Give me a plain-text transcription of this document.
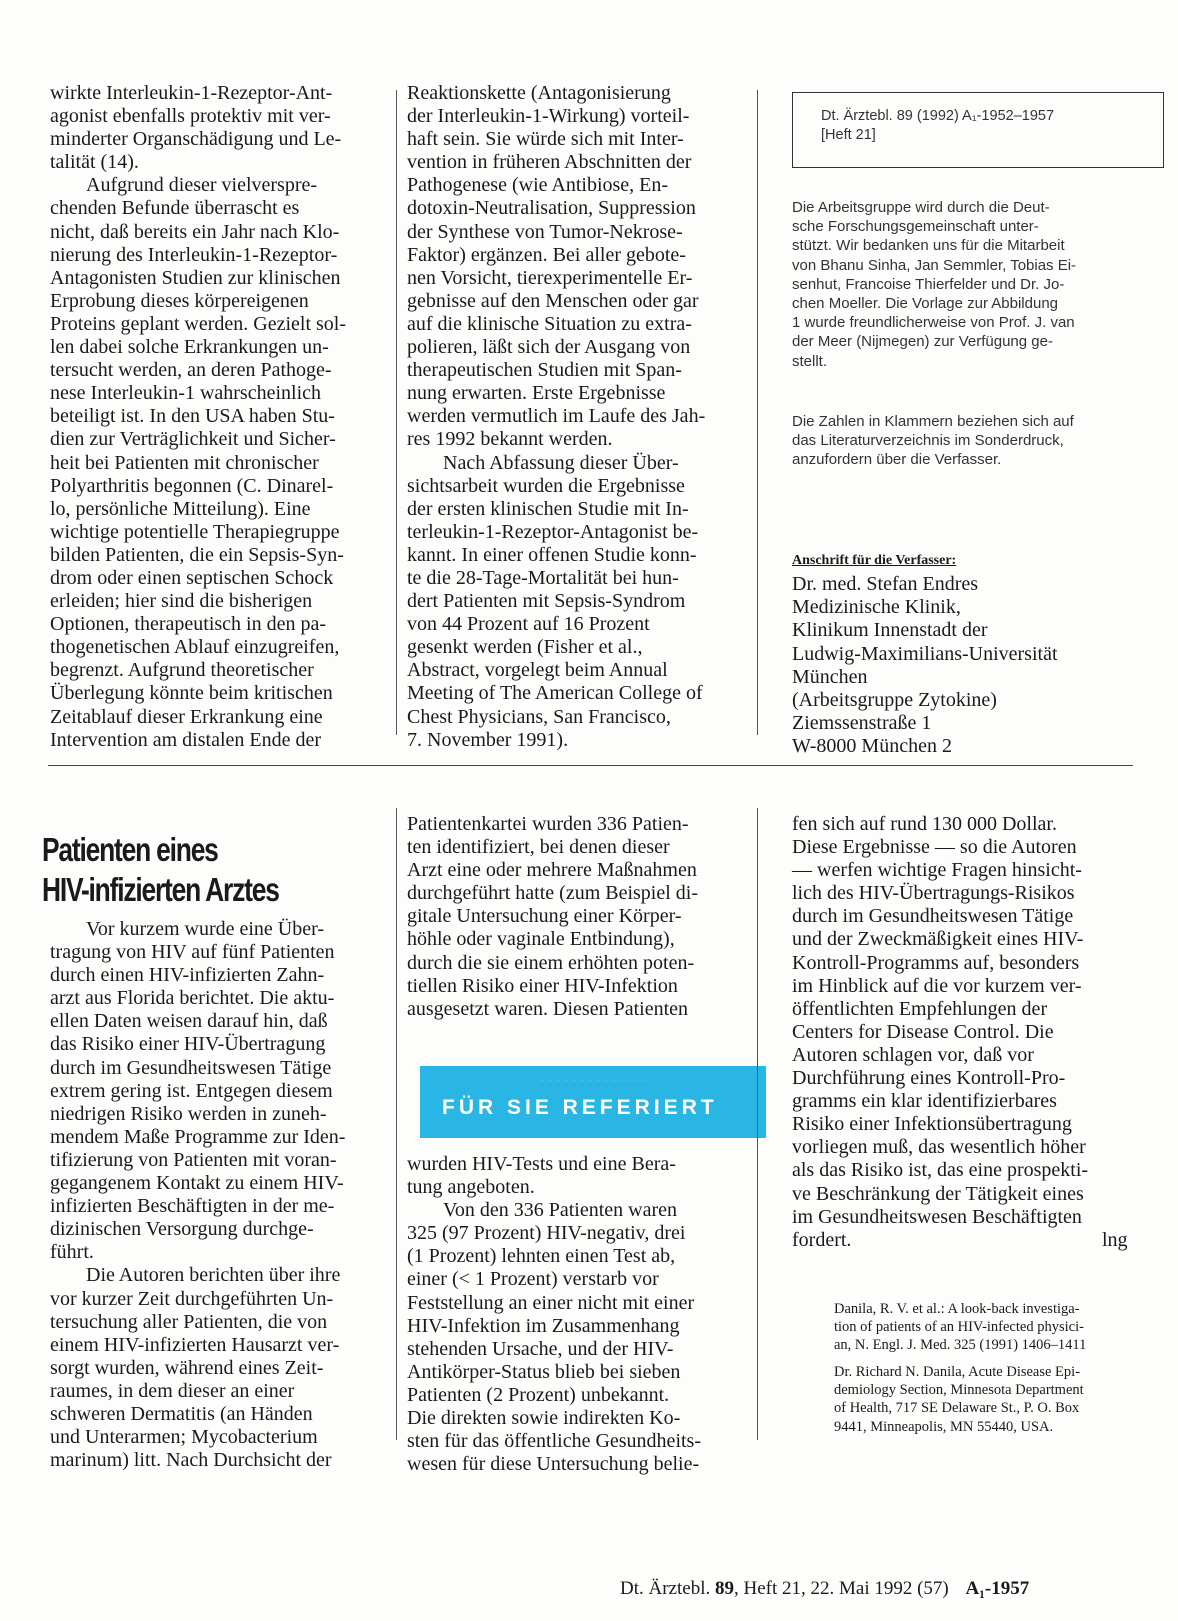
wirkte Interleukin-1-Rezeptor-Ant-
agonist ebenfalls protektiv mit ver-
minderter Organschädigung und Le-
talität (14).
Aufgrund dieser vielverspre-
chenden Befunde überrascht es
nicht, daß bereits ein Jahr nach Klo-
nierung des Interleukin-1-Rezeptor-
Antagonisten Studien zur klinischen
Erprobung dieses körpereigenen
Proteins geplant werden. Gezielt sol-
len dabei solche Erkrankungen un-
tersucht werden, an deren Pathoge-
nese Interleukin-1 wahrscheinlich
beteiligt ist. In den USA haben Stu-
dien zur Verträglichkeit und Sicher-
heit bei Patienten mit chronischer
Polyarthritis begonnen (C. Dinarel-
lo, persönliche Mitteilung). Eine
wichtige potentielle Therapiegruppe
bilden Patienten, die ein Sepsis-Syn-
drom oder einen septischen Schock
erleiden; hier sind die bisherigen
Optionen, therapeutisch in den pa-
thogenetischen Ablauf einzugreifen,
begrenzt. Aufgrund theoretischer
Überlegung könnte beim kritischen
Zeitablauf dieser Erkrankung eine
Intervention am distalen Ende der
Reaktionskette (Antagonisierung
der Interleukin-1-Wirkung) vorteil-
haft sein. Sie würde sich mit Inter-
vention in früheren Abschnitten der
Pathogenese (wie Antibiose, En-
dotoxin-Neutralisation, Suppression
der Synthese von Tumor-Nekrose-
Faktor) ergänzen. Bei aller gebote-
nen Vorsicht, tierexperimentelle Er-
gebnisse auf den Menschen oder gar
auf die klinische Situation zu extra-
polieren, läßt sich der Ausgang von
therapeutischen Studien mit Span-
nung erwarten. Erste Ergebnisse
werden vermutlich im Laufe des Jah-
res 1992 bekannt werden.
Nach Abfassung dieser Über-
sichtsarbeit wurden die Ergebnisse
der ersten klinischen Studie mit In-
terleukin-1-Rezeptor-Antagonist be-
kannt. In einer offenen Studie konn-
te die 28-Tage-Mortalität bei hun-
dert Patienten mit Sepsis-Syndrom
von 44 Prozent auf 16 Prozent
gesenkt werden (Fisher et al.,
Abstract, vorgelegt beim Annual
Meeting of The American College of
Chest Physicians, San Francisco,
7. November 1991).
Dt. Ärztebl. 89 (1992) A₁-1952–1957
[Heft 21]
Die Arbeitsgruppe wird durch die Deut-
sche Forschungsgemeinschaft unter-
stützt. Wir bedanken uns für die Mitarbeit
von Bhanu Sinha, Jan Semmler, Tobias Ei-
senhut, Francoise Thierfelder und Dr. Jo-
chen Moeller. Die Vorlage zur Abbildung
1 wurde freundlicherweise von Prof. J. van
der Meer (Nijmegen) zur Verfügung ge-
stellt.
Die Zahlen in Klammern beziehen sich auf
das Literaturverzeichnis im Sonderdruck,
anzufordern über die Verfasser.
Anschrift für die Verfasser:
Dr. med. Stefan Endres
Medizinische Klinik,
Klinikum Innenstadt der
Ludwig-Maximilians-Universität
München
(Arbeitsgruppe Zytokine)
Ziemssenstraße 1
W-8000 München 2
Patienten eines
HIV-infizierten Arztes
Vor kurzem wurde eine Über-
tragung von HIV auf fünf Patienten
durch einen HIV-infizierten Zahn-
arzt aus Florida berichtet. Die aktu-
ellen Daten weisen darauf hin, daß
das Risiko einer HIV-Übertragung
durch im Gesundheitswesen Tätige
extrem gering ist. Entgegen diesem
niedrigen Risiko werden in zuneh-
mendem Maße Programme zur Iden-
tifizierung von Patienten mit voran-
gegangenem Kontakt zu einem HIV-
infizierten Beschäftigten in der me-
dizinischen Versorgung durchge-
führt.
Die Autoren berichten über ihre
vor kurzer Zeit durchgeführten Un-
tersuchung aller Patienten, die von
einem HIV-infizierten Hausarzt ver-
sorgt wurden, während eines Zeit-
raumes, in dem dieser an einer
schweren Dermatitis (an Händen
und Unterarmen; Mycobacterium
marinum) litt. Nach Durchsicht der
Patientenkartei wurden 336 Patien-
ten identifiziert, bei denen dieser
Arzt eine oder mehrere Maßnahmen
durchgeführt hatte (zum Beispiel di-
gitale Untersuchung einer Körper-
höhle oder vaginale Entbindung),
durch die sie einem erhöhten poten-
tiellen Risiko einer HIV-Infektion
ausgesetzt waren. Diesen Patienten
· · · · · · · · · · · · · ·
FÜR SIE REFERIERT
wurden HIV-Tests und eine Bera-
tung angeboten.
Von den 336 Patienten waren
325 (97 Prozent) HIV-negativ, drei
(1 Prozent) lehnten einen Test ab,
einer (< 1 Prozent) verstarb vor
Feststellung an einer nicht mit einer
HIV-Infektion im Zusammenhang
stehenden Ursache, und der HIV-
Antikörper-Status blieb bei sieben
Patienten (2 Prozent) unbekannt.
Die direkten sowie indirekten Ko-
sten für das öffentliche Gesundheits-
wesen für diese Untersuchung belie-
fen sich auf rund 130 000 Dollar.
Diese Ergebnisse — so die Autoren
— werfen wichtige Fragen hinsicht-
lich des HIV-Übertragungs-Risikos
durch im Gesundheitswesen Tätige
und der Zweckmäßigkeit eines HIV-
Kontroll-Programms auf, besonders
im Hinblick auf die vor kurzem ver-
öffentlichten Empfehlungen der
Centers for Disease Control. Die
Autoren schlagen vor, daß vor
Durchführung eines Kontroll-Pro-
gramms ein klar identifizierbares
Risiko einer Infektionsübertragung
vorliegen muß, das wesentlich höher
als das Risiko ist, das eine prospekti-
ve Beschränkung der Tätigkeit eines
im Gesundheitswesen Beschäftigten
fordert.	lng
Danila, R. V. et al.: A look-back investiga-
tion of patients of an HIV-infected physici-
an, N. Engl. J. Med. 325 (1991) 1406–1411
Dr. Richard N. Danila, Acute Disease Epi-
demiology Section, Minnesota Department
of Health, 717 SE Delaware St., P. O. Box
9441, Minneapolis, MN 55440, USA.
Dt. Ärztebl. 89, Heft 21, 22. Mai 1992 (57) A₁-1957
